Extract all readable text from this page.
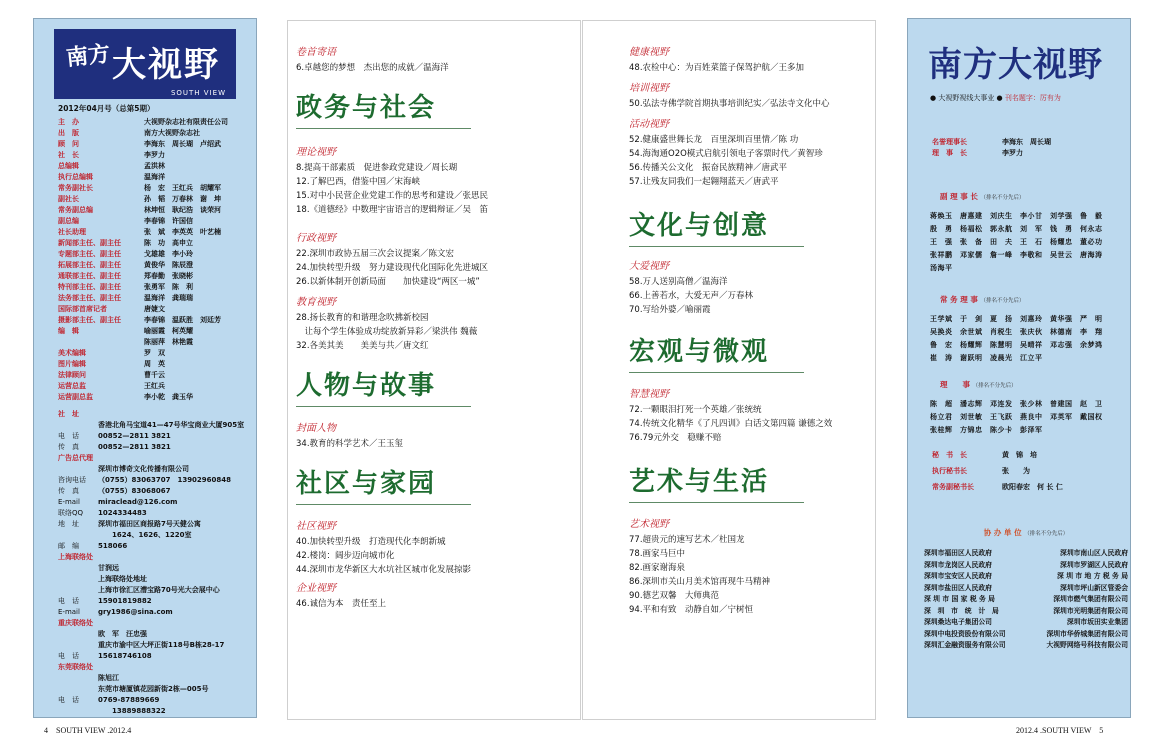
南方 大视野
SOUTH VIEW
2012年04月号（总第5期）
主　办	大视野杂志社有限责任公司
出　版	南方大视野杂志社
顾　问	李海东　周长瑚　卢绍武
社　长	李罗力
总编辑	孟洪林
执行总编辑	温海洋
常务副社长	杨　宏　王红兵　胡耀军
副社长	孙　韬　万春林　谢　坤
常务副总编	林坤恒　耿纪浩　谈荣河
副总编	李春锦　许国信
社长助理	张　斌　李英英　叶艺楠
新闻部主任、副主任	陈　功　高申立
专题部主任、副主任	戈雄雄　李小玲
拓展部主任、副主任	黄俊华　陈辰澄
通联部主任、副主任	郑春勤　张晓彬
特刊部主任、副主任	张勇军　陈　利
法务部主任、副主任	温海洋　龚瑞瑞
国际部首席记者	唐婕文
摄影部主任、副主任	李春锦　温跃胜　刘廷芳
编　辑	喻丽霞　柯英耀
陈丽萍　林艳霞
美术编辑	罗　双
图片编辑	周　英
法律顾问	曹千云
运营总监	王红兵
运营副总监	李小乾　龚玉华
社　址
香港北角马宝道41—47号华宝商业大厦905室
电　话	00852—2811 3821
传　真	00852—2811 3821
广告总代理
深圳市博奇文化传播有限公司
咨询电话	（0755）83063707　13902960848
传　真	（0755）83068067
E-mail	miraclead@126.com
联络QQ	1024334483
地　址	深圳市福田区商报路7号天健公寓
　　1624、1626、1220室
邮　编	518066
上海联络处
甘润远
上海联络处地址
上海市徐汇区漕宝路70号光大会展中心
电　话	15901819882
E-mail	gry1986@sina.com
重庆联络处
欧　军　汪忠强
重庆市渝中区大坪正街118号B栋28-17
电　话	15618746108
东莞联络处
陈旭江
东莞市塘厦镇花园新街2栋—005号
电　话	0769-87889669
　　13889888322
4　SOUTH VIEW .2012.4
卷首寄语
6.卓越您的梦想　杰出您的成就／温海洋
政务与社会
理论视野
8.提高干部素质　促进参政党建设／周长瑚
12.了解巴西，借鉴中国／宋海峡
15.对中小民营企业党建工作的思考和建设／张思民
18.《道德经》中数理宇宙语言的逻辑辩证／吴　笛
行政视野
22.深圳市政协五届三次会议提案／陈文宏
24.加快转型升级　努力建设现代化国际化先进城区
26.以新体制开创新局面　　加快建设“两区一城”
教育视野
28.扬长教育的和谐理念吹拂新校园
　让每个学生体验成功绽放新异彩／梁洪伟 魏薇
32.各美其美　　美美与共／唐文红
人物与故事
封面人物
34.教育的科学艺术／王玉玺
社区与家园
社区视野
40.加快转型升级　打造现代化李朗新城
42.楼岗：阔步迈向城市化
44.深圳市龙华新区大水坑社区城市化发展掠影
企业视野
46.诚信为本　责任至上
健康视野
48.农检中心：为百姓菜篮子保驾护航／王多加
培训视野
50.弘法寺佛学院首期执事培训纪实／弘法寺文化中心
活动视野
52.健康盛世舞长龙　百里深圳百里情／陈 功
54.海淘通O2O模式启航引领电子客票时代／黄智珍
56.传播关公文化　振奋民族精神／唐武平
57.让残友同我们一起翱翔蓝天／唐武平
文化与创意
大爱视野
58.万人送别高僧／温海洋
66.上善若水，大爱无声／万春林
70.写给外婆／喻丽霞
宏观与微观
智慧视野
72.一颗眼泪打死一个英雄／张统统
74.传统文化精华《了凡四训》白话文第四篇 谦德之效
76.79元外交　稳赚不赔
艺术与生活
艺术视野
77.超贵元的速写艺术／杜国龙
78.画家马巨中
82.画家谢海泉
86.深圳市关山月美术馆再现牛马精神
90.德艺双馨　大师典范
94.平和有致　动静自如／宁树恒
南方大视野
● 大视野视线大事业 ● 刊名题字：厉有为
名誉理事长	李海东　周长瑚
理　事　长	李罗力
副 理 事 长 （排名不分先后）
蒋焕玉　唐惠建　刘庆生　李小甘　刘学强　鲁　毅
殷　勇　杨福松　郭永航　刘　军　钱　勇　何永志
王　强　张　备　田　夫　王　石　杨耀忠　董必功
张祥鹏　邓家儒　詹一峰　李敬和　吴世云　唐海涛
汤海平
常 务 理 事 （排名不分先后）
王学斌　于　剑　夏　扬　刘惠玲　黄华强　严　明
吴换炎　余世斌　肖税生　张庆伙　林德南　李　翔
鲁　宏　杨耀辉　陈慧明　吴晴祥　邓志强　余梦鸿
崔　涛　谢跃明　凌晨光　江立平
理　　事 （排名不分先后）
陈　超　潘志辉　邓连发　张少林　曾建国　赵　卫
杨立君　刘世敏　王飞跃　燕良中　邓英军　戴国权
张桂辉　方锦忠　陈少卡　彭泽军
秘　书　长	黄　锦　培
执行秘书长	张　　为
常务副秘书长	欧阳春宏　何 长 仁
协 办 单 位 （排名不分先后）
深圳市福田区人民政府	深圳市南山区人民政府
深圳市龙岗区人民政府	深圳市罗湖区人民政府
深圳市宝安区人民政府	深 圳 市 地 方 税 务 局
深圳市盐田区人民政府	深圳市坪山新区管委会
深 圳 市 国 家 税 务 局	深圳市燃气集团有限公司
深　圳　市　统　计　局	深圳市光明集团有限公司
深圳桑达电子集团公司	深圳市坂田实业集团
深圳中电投资股份有限公司	深圳市华侨城集团有限公司
深圳汇金融资服务有限公司	大视野网络号科技有限公司
2012.4 .SOUTH VIEW　5
